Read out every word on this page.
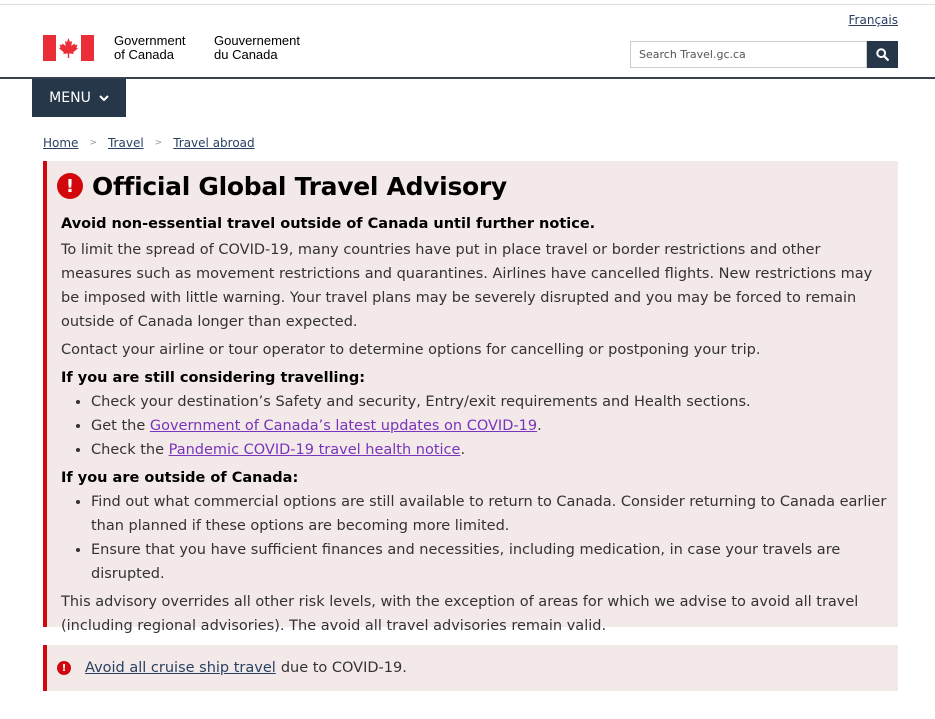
Français
Government
of Canada
Gouvernement
du Canada
Search Travel.gc.ca
MENU
Home > Travel > Travel abroad
! Official Global Travel Advisory

Avoid non-essential travel outside of Canada until further notice.

To limit the spread of COVID-19, many countries have put in place travel or border restrictions and other measures such as movement restrictions and quarantines. Airlines have cancelled flights. New restrictions may be imposed with little warning. Your travel plans may be severely disrupted and you may be forced to remain outside of Canada longer than expected.

Contact your airline or tour operator to determine options for cancelling or postponing your trip.

If you are still considering travelling:

• Check your destination’s Safety and security, Entry/exit requirements and Health sections.
• Get the Government of Canada’s latest updates on COVID-19.
• Check the Pandemic COVID-19 travel health notice.

If you are outside of Canada:

• Find out what commercial options are still available to return to Canada. Consider returning to Canada earlier than planned if these options are becoming more limited.
• Ensure that you have sufficient finances and necessities, including medication, in case your travels are disrupted.

This advisory overrides all other risk levels, with the exception of areas for which we advise to avoid all travel (including regional advisories). The avoid all travel advisories remain valid.

!	Avoid all cruise ship travel due to COVID-19.
